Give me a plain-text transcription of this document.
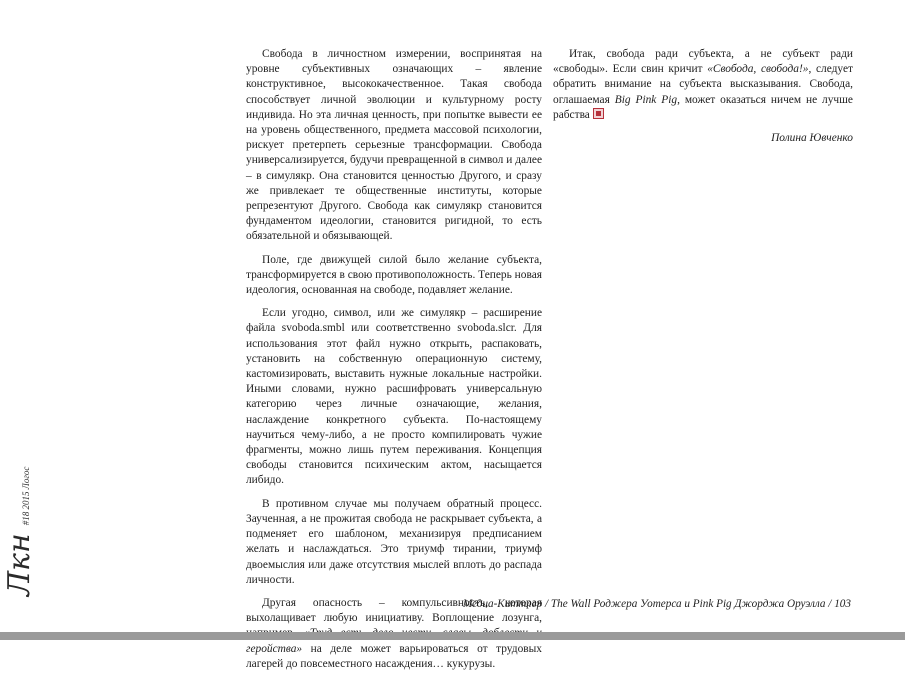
Свобода в личностном измерении, воспринятая на уровне субъективных означающих – явление конструктивное, высококачественное. Такая свобода способствует личной эволюции и культурному росту индивида. Но эта личная ценность, при попытке вывести ее на уровень общественного, предмета массовой психологии, рискует претерпеть серьезные трансформации. Свобода универсализируется, будучи превращенной в символ и далее – в симулякр. Она становится ценностью Другого, и сразу же привлекает те общественные институты, которые репрезентуют Другого. Свобода как симулякр становится фундаментом идеологии, становится ригидной, то есть обязательной и обязывающей.

Поле, где движущей силой было желание субъекта, трансформируется в свою противоположность. Теперь новая идеология, основанная на свободе, подавляет желание.

Если угодно, символ, или же симулякр – расширение файла svoboda.smbl или соответственно svoboda.slcr. Для использования этот файл нужно открыть, распаковать, установить на собственную операционную систему, кастомизировать, выставить нужные локальные настройки. Иными словами, нужно расшифровать универсальную категорию через личные означающие, желания, наслаждение конкретного субъекта. По-настоящему научиться чему-либо, а не просто компилировать чужие фрагменты, можно лишь путем переживания. Концепция свободы становится психическим актом, насыщается либидо.

В противном случае мы получаем обратный процесс. Заученная, а не прожитая свобода не раскрывает субъекта, а подменяет его шаблоном, механизируя предписанием желать и наслаждаться. Это триумф тирании, триумф двоемыслия или даже отсутствия мыслей вплоть до распада личности.

Другая опасность – компульсивность, которая выхолащивает любую инициативу. Воплощение лозунга, геройства» на деле может варьироваться от трудовых лагерей до повсеместного насаждения… кукурузы.

Итак, свобода ради субъекта, а не субъект ради «свободы». Если свин кричит «Свобода, свобода!», следует обратить внимание на субъекта высказывания. Свобода, оглашаемая Big Pink Pig, может оказаться ничем не лучше рабства

Полина Ювченко
Медиа-Киттлер / The Wall Роджера Уотерса и Pink Pig Джорджа Оруэлла / 103
Лкн
#18 2015 Логос
